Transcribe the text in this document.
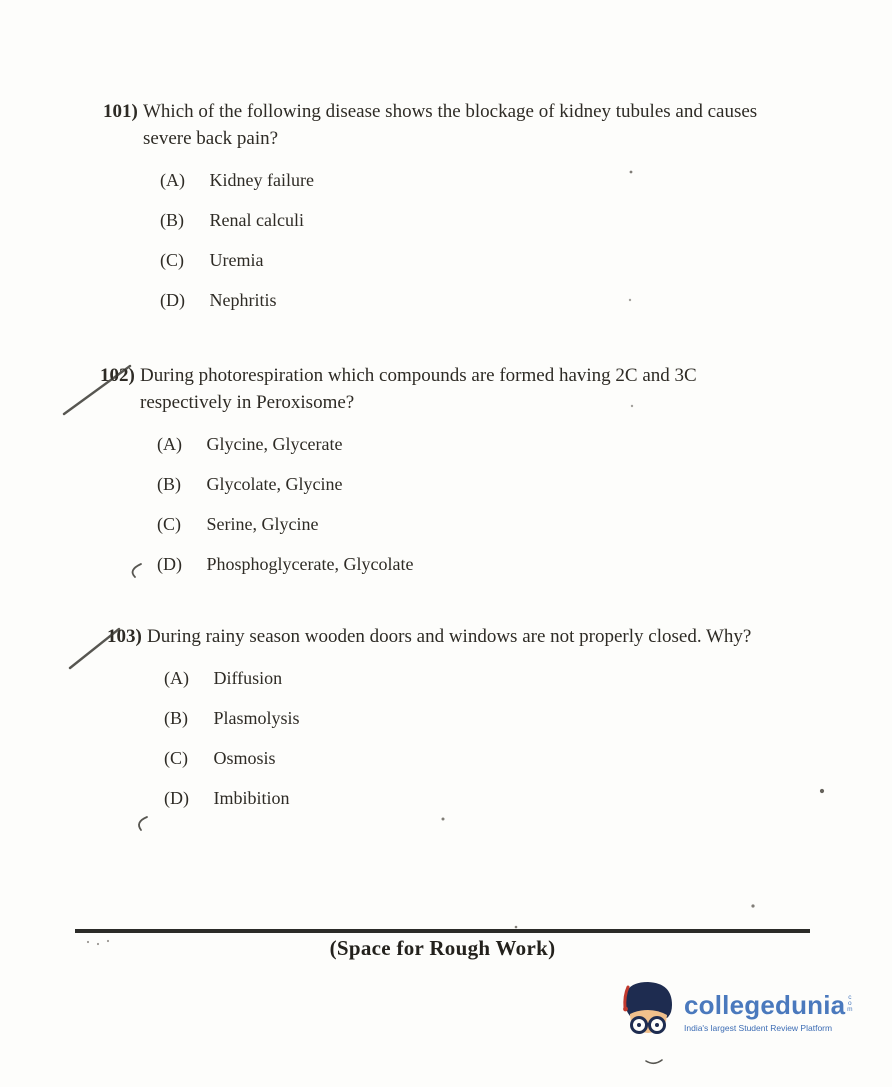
101) Which of the following disease shows the blockage of kidney tubules and causes severe back pain?

(A) Kidney failure
(B) Renal calculi
(C) Uremia
(D) Nephritis
102) During photorespiration which compounds are formed having 2C and 3C respectively in Peroxisome?

(A) Glycine, Glycerate
(B) Glycolate, Glycine
(C) Serine, Glycine
(D) Phosphoglycerate, Glycolate
103) During rainy season wooden doors and windows are not properly closed. Why?

(A) Diffusion
(B) Plasmolysis
(C) Osmosis
(D) Imbibition
(Space for Rough Work)
collegedunia com
India's largest Student Review Platform
